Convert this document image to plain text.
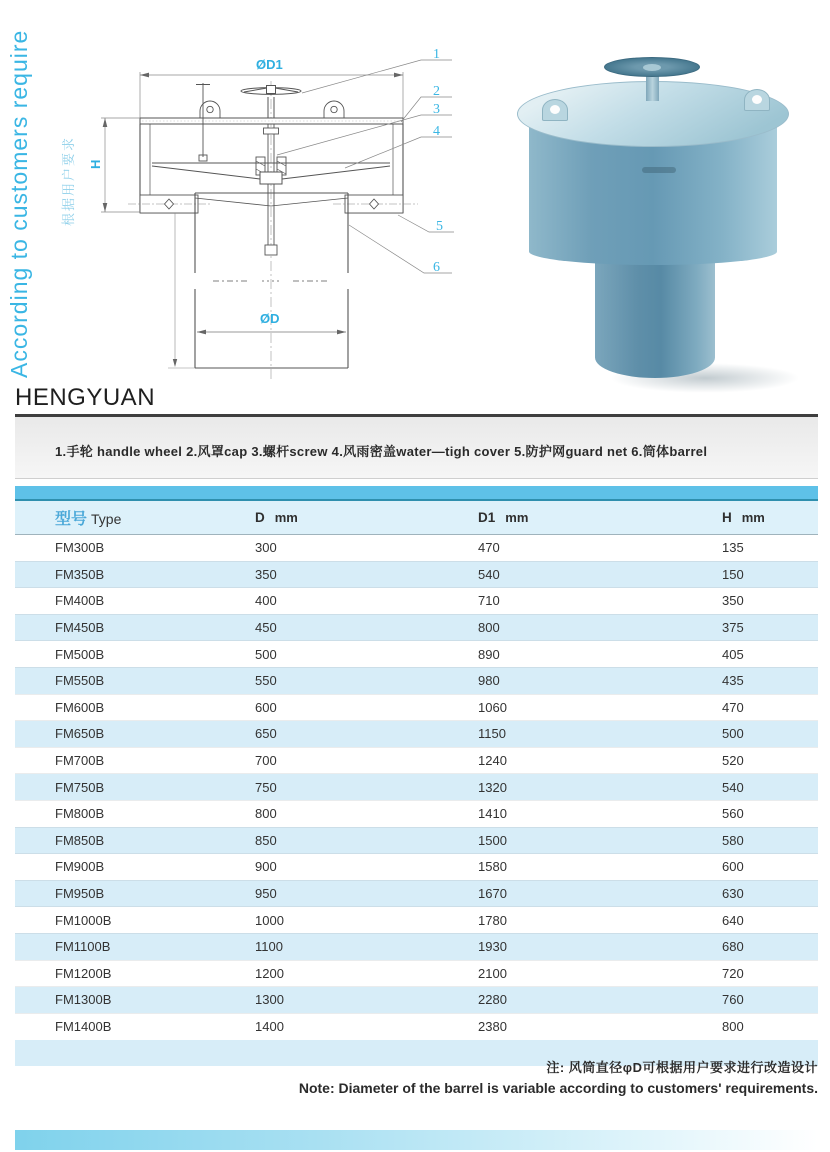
According to customers require	根据用户要求
ØD1
ØD
H
1
2
3
4
5
6
HENGYUAN
1.手轮 handle wheel 2.风罩cap 3.螺杆screw 4.风雨密盖water—tigh cover 5.防护网guard net 6.筒体barrel
型号 Type	D mm	D1 mm	H mm
FM300B	300	470	135
FM350B	350	540	150
FM400B	400	710	350
FM450B	450	800	375
FM500B	500	890	405
FM550B	550	980	435
FM600B	600	1060	470
FM650B	650	1150	500
FM700B	700	1240	520
FM750B	750	1320	540
FM800B	800	1410	560
FM850B	850	1500	580
FM900B	900	1580	600
FM950B	950	1670	630
FM1000B	1000	1780	640
FM1100B	1100	1930	680
FM1200B	1200	2100	720
FM1300B	1300	2280	760
FM1400B	1400	2380	800
注: 风筒直径φD可根据用户要求进行改造设计
Note: Diameter of the barrel is variable according to customers' requirements.
